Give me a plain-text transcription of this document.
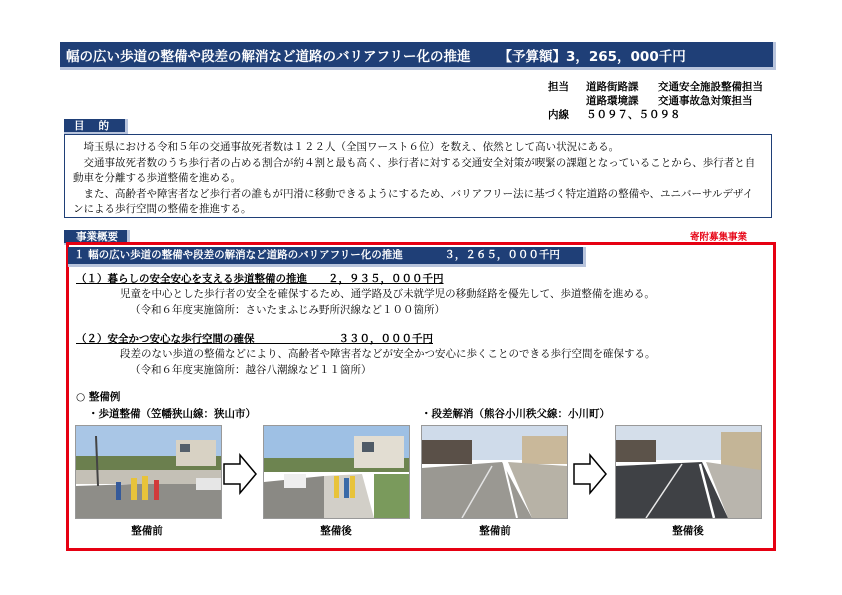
幅の広い歩道の整備や段差の解消など道路のバリアフリー化の推進 【予算額】3，265，000千円
担当	道路街路課	交通安全施設整備担当
道路環境課	交通事故急対策担当
内線	５０９７、５０９８
目的

埼玉県における令和５年の交通事故死者数は１２２人（全国ワースト６位）を数え、依然として高い状況にある。

交通事故死者数のうち歩行者の占める割合が約４割と最も高く、歩行者に対する交通安全対策が喫緊の課題となっていることから、歩行者と自動車を分離する歩道整備を進める。

また、高齢者や障害者など歩行者の誰もが円滑に移動できるようにするため、バリアフリー法に基づく特定道路の整備や、ユニバーサルデザインによる歩行空間の整備を推進する。

事業概要	寄附募集事業
１ 幅の広い歩道の整備や段差の解消など道路のバリアフリー化の推進	３，２６５，０００千円
（１）暮らしの安全安心を支える歩道整備の推進　　２，９３５，０００千円
児童を中心とした歩行者の安全を確保するため、通学路及び未就学児の移動経路を優先して、歩道整備を進める。
（令和６年度実施箇所：さいたまふじみ野所沢線など１００箇所）
（２）安全かつ安心な歩行空間の確保　　　　　　　　３３０，０００千円
段差のない歩道の整備などにより、高齢者や障害者などが安全かつ安心に歩くことのできる歩行空間を確保する。
（令和６年度実施箇所：越谷八潮線など１１箇所）
○ 整備例
・歩道整備（笠幡狭山線：狭山市）	・段差解消（熊谷小川秩父線：小川町）
整備前	整備後	整備前	整備後
